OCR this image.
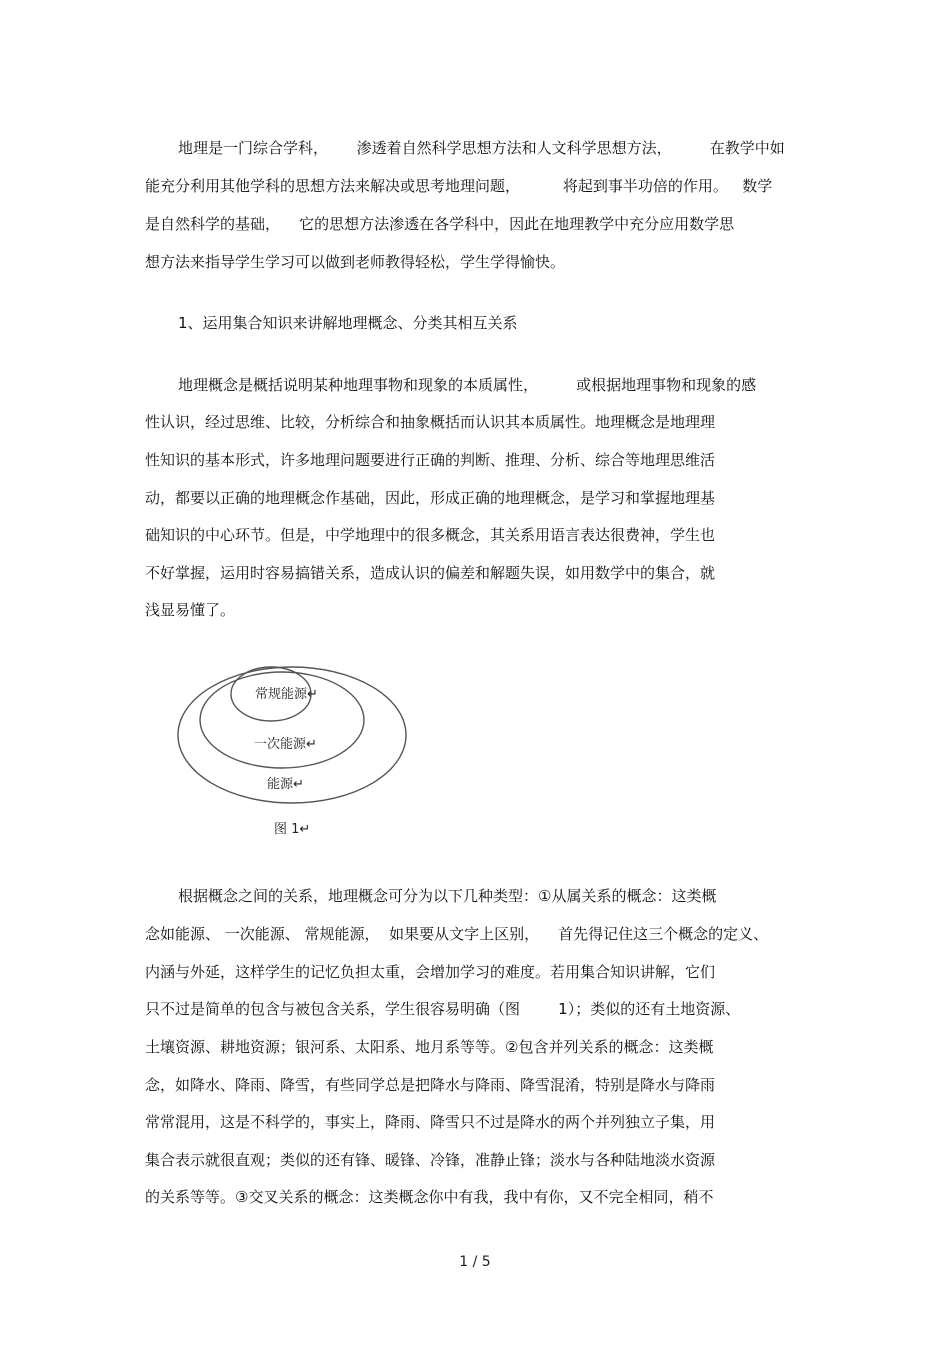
地理是一门综合学科，      渗透着自然科学思想方法和人文科学思想方法，        在教学中如
能充分利用其他学科的思想方法来解决或思考地理问题，         将起到事半功倍的作用。   数学
是自然科学的基础，    它的思想方法渗透在各学科中，因此在地理教学中充分应用数学思
想方法来指导学生学习可以做到老师教得轻松，学生学得愉快。
1、运用集合知识来讲解地理概念、分类其相互关系
地理概念是概括说明某种地理事物和现象的本质属性，        或根据地理事物和现象的感
性认识，经过思维、比较，分析综合和抽象概括而认识其本质属性。地理概念是地理理
性知识的基本形式，许多地理问题要进行正确的判断、推理、分析、综合等地理思维活
动，都要以正确的地理概念作基础，因此，形成正确的地理概念，是学习和掌握地理基
础知识的中心环节。但是，中学地理中的很多概念，其关系用语言表达很费神，学生也
不好掌握，运用时容易搞错关系，造成认识的偏差和解题失误，如用数学中的集合，就
浅显易懂了。
常规能源↵
一次能源↵
能源↵
图 1↵
根据概念之间的关系，地理概念可分为以下几种类型：①从属关系的概念：这类概
念如能源、 一次能源、 常规能源，  如果要从文字上区别，    首先得记住这三个概念的定义、
内涵与外延，这样学生的记忆负担太重，会增加学习的难度。若用集合知识讲解，它们
只不过是简单的包含与被包含关系，学生很容易明确（图        1）；类似的还有土地资源、
土壤资源、耕地资源；银河系、太阳系、地月系等等。②包含并列关系的概念：这类概
念，如降水、降雨、降雪，有些同学总是把降水与降雨、降雪混淆，特别是降水与降雨
常常混用，这是不科学的，事实上，降雨、降雪只不过是降水的两个并列独立子集，用
集合表示就很直观；类似的还有锋、暖锋、冷锋，准静止锋；淡水与各种陆地淡水资源
的关系等等。③交叉关系的概念：这类概念你中有我，我中有你，又不完全相同，稍不
1 / 5
